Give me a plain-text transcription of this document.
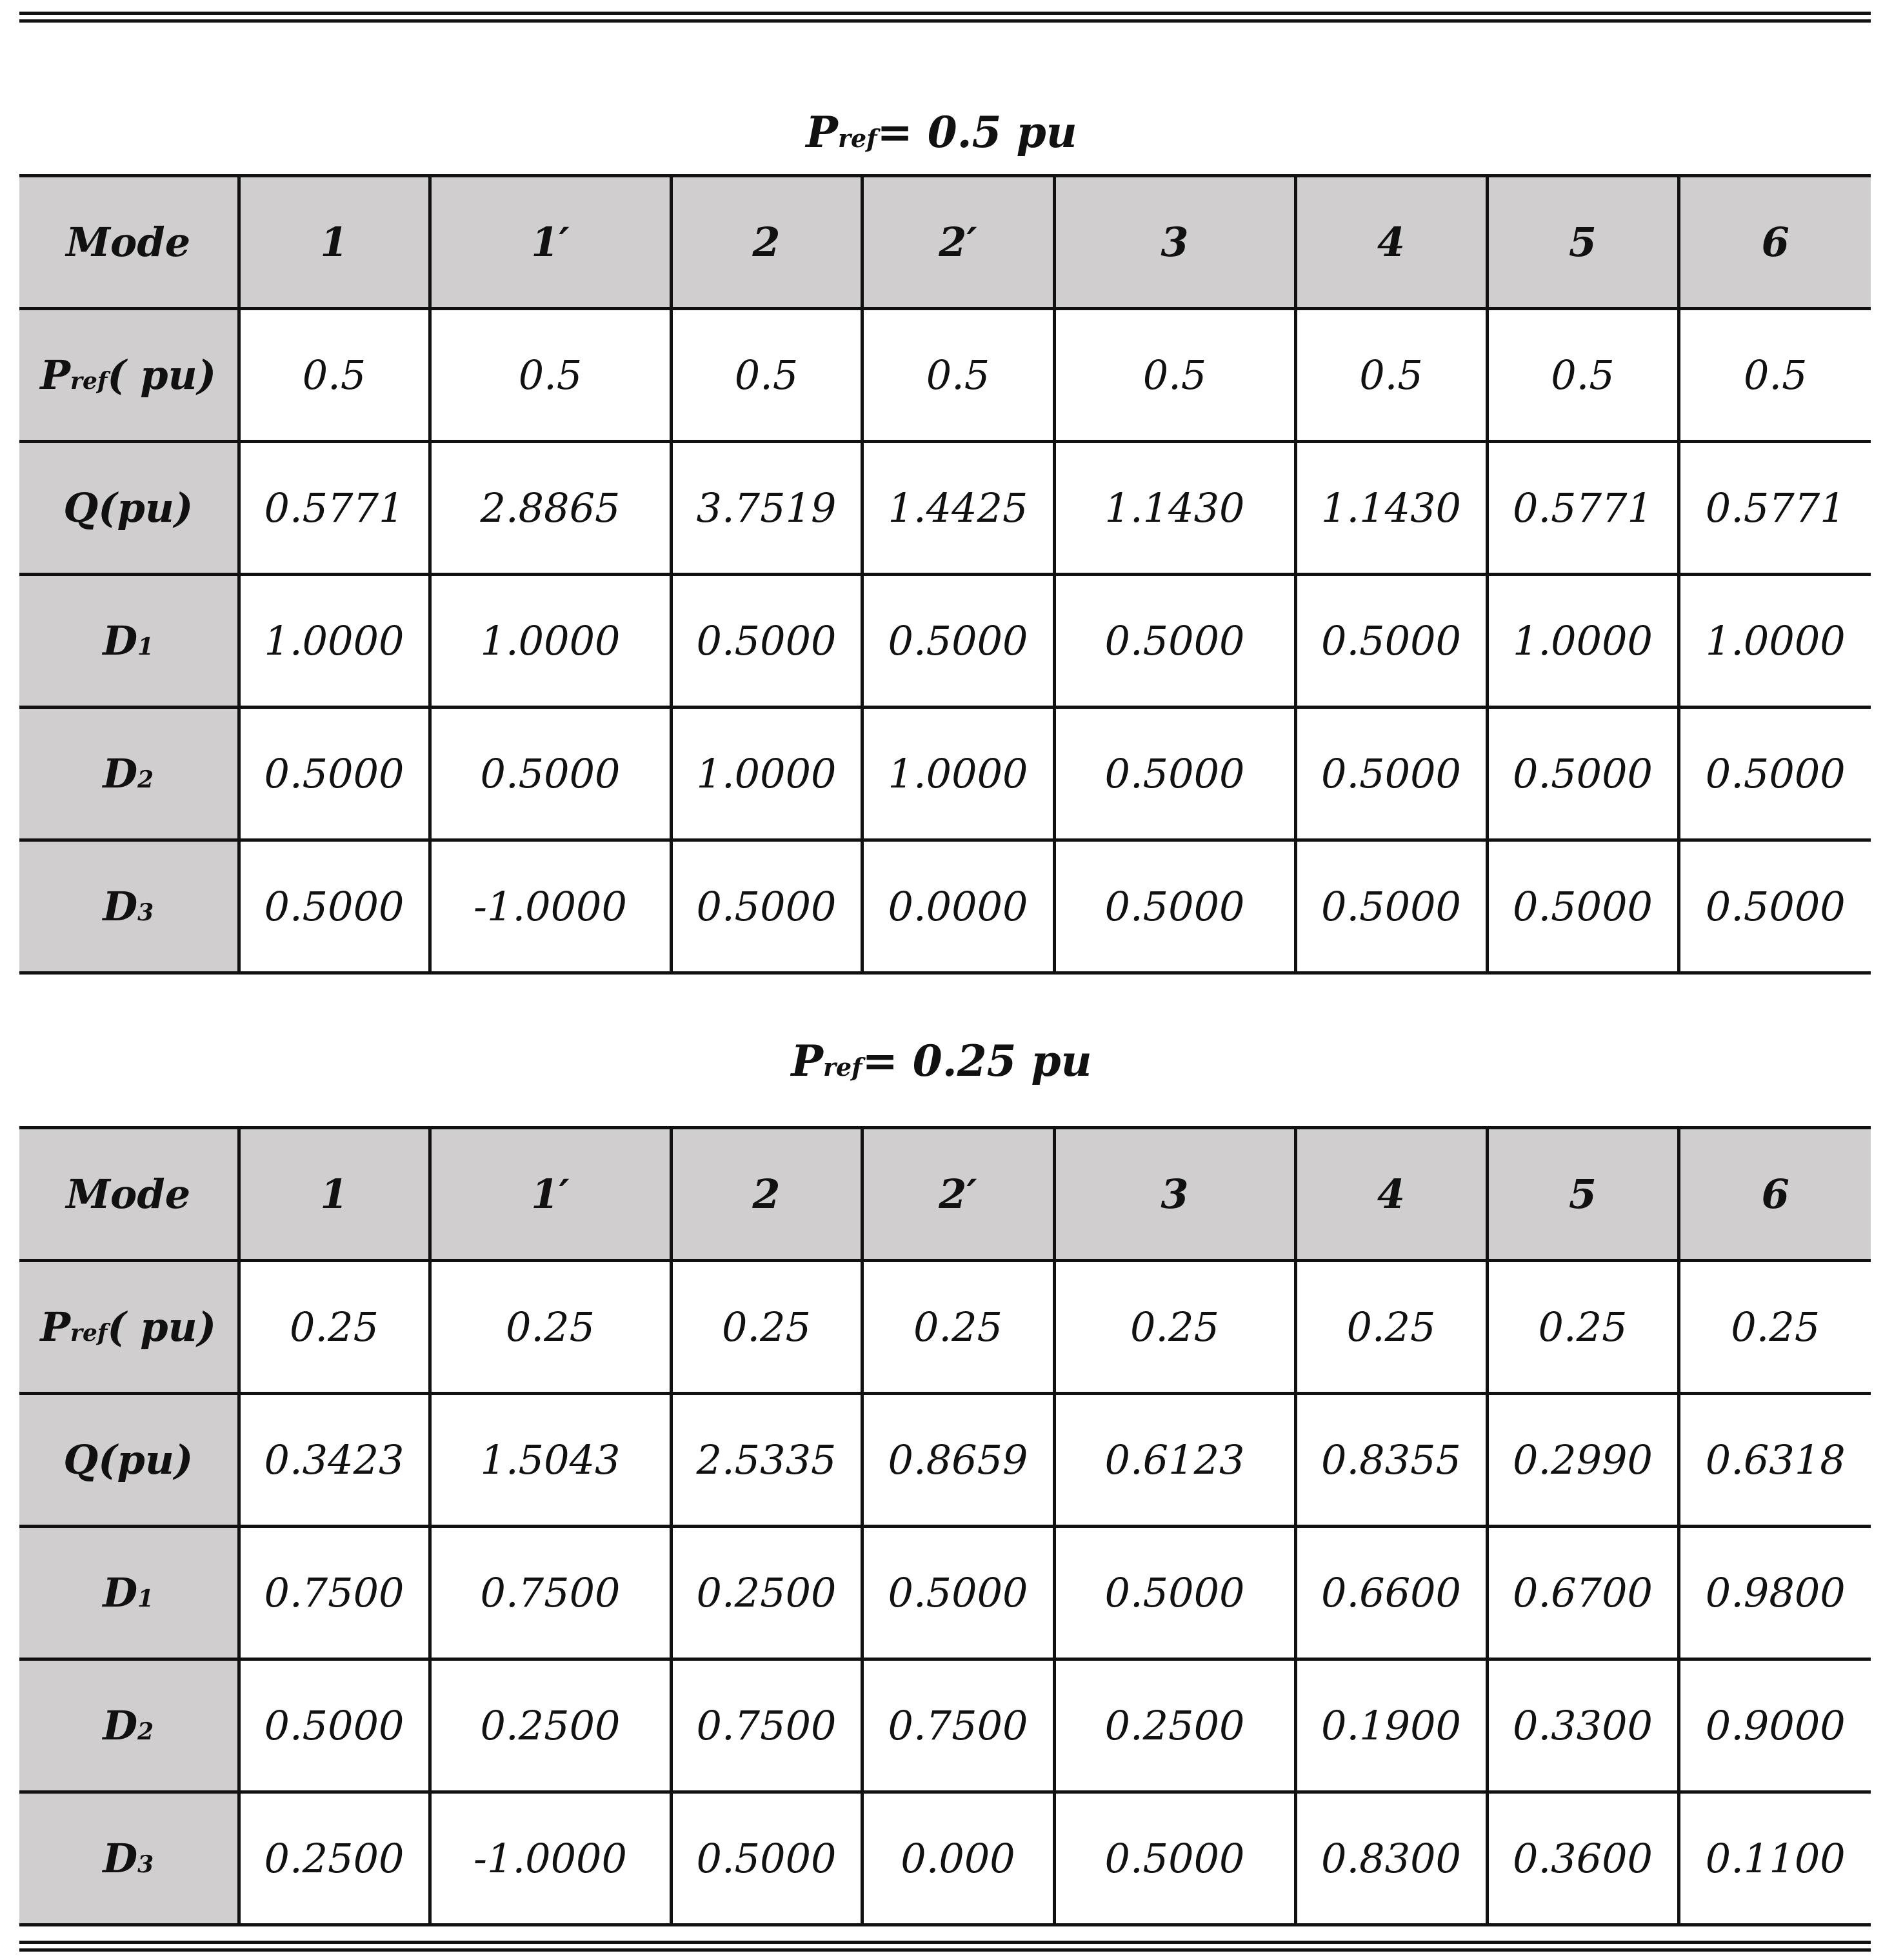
Pref= 0.5 pu
Mode	1	1′	2	2′	3	4	5	6
Pref( pu)	0.5	0.5	0.5	0.5	0.5	0.5	0.5	0.5
Q(pu)	0.5771	2.8865	3.7519	1.4425	1.1430	1.1430	0.5771	0.5771
D1	1.0000	1.0000	0.5000	0.5000	0.5000	0.5000	1.0000	1.0000
D2	0.5000	0.5000	1.0000	1.0000	0.5000	0.5000	0.5000	0.5000
D3	0.5000	-1.0000	0.5000	0.0000	0.5000	0.5000	0.5000	0.5000
Pref= 0.25 pu
Mode	1	1′	2	2′	3	4	5	6
Pref( pu)	0.25	0.25	0.25	0.25	0.25	0.25	0.25	0.25
Q(pu)	0.3423	1.5043	2.5335	0.8659	0.6123	0.8355	0.2990	0.6318
D1	0.7500	0.7500	0.2500	0.5000	0.5000	0.6600	0.6700	0.9800
D2	0.5000	0.2500	0.7500	0.7500	0.2500	0.1900	0.3300	0.9000
D3	0.2500	-1.0000	0.5000	0.000	0.5000	0.8300	0.3600	0.1100
